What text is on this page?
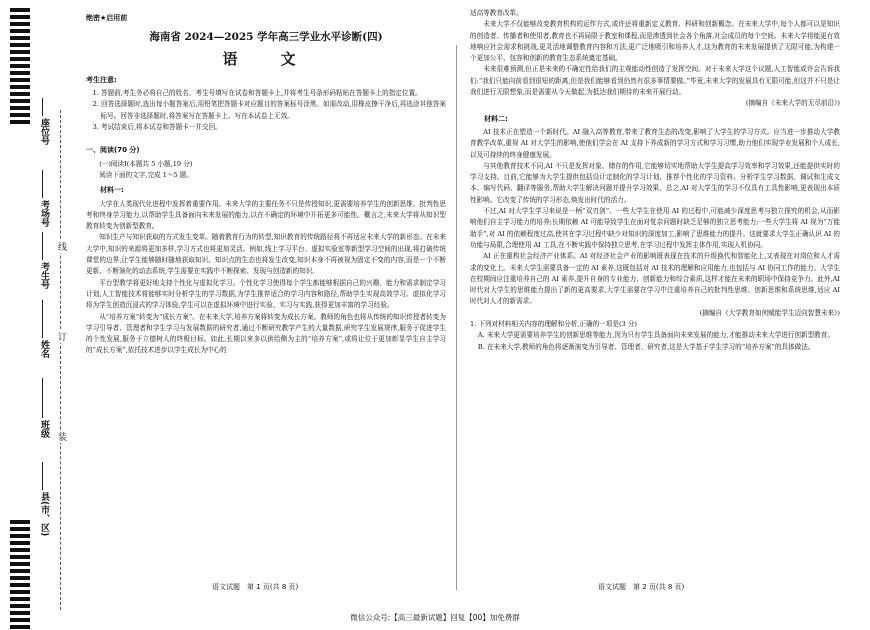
座位号
考场号
考生号
姓名
班级
县(市、区)
线
订
装
绝密★启用前
海南省 2024—2025 学年高三学业水平诊断(四)
语　文
考生注意:

1. 答题前,考生务必将自己的姓名、考生号填写在试卷和答题卡上,并将考生号条形码粘贴在答题卡上的指定位置。

2. 回答选择题时,选出每小题答案后,用铅笔把答题卡对应题目的答案标号涂黑。如需改动,用橡皮擦干净后,再选涂其他答案标号。回答非选择题时,将答案写在答题卡上。写在本试卷上无效。

3. 考试结束后,将本试卷和答题卡一并交回。

一、阅读(70 分)

(一)阅读Ⅰ(本题共 5 小题,19 分)

阅读下面的文字,完成 1～5 题。

材料一:

大学在人类现代化进程中发挥着重要作用。未来大学的主要任务不只是传授知识,更需要培养学生的创新思维、批判性思考和终身学习能力,以帮助学生具备面向未来发展的能力,以在不确定的环境中开拓更多可能性。概言之,未来大学将从知识型教育转变为创新型教育。

知识生产与知识获取的方式发生变革。随着教育行为的转型,知识教育的传统路径将不再适应未来大学的新形态。在未来大学中,知识的来源将更加多样,学习方式也将更加灵活。例如,线上学习平台、虚拟实验室等新型学习空间的出现,将打破传统课堂的边界,让学生能够随时随地获取知识。知识点的生态也将发生改变,知识本身不再被视为固定不变的内容,而是一个不断更新、不断演化的动态系统,学生需要在实践中不断探索、发现与创造新的知识。

平台型教学将更好地支持个性化与虚拟化学习。个性化学习使得每个学生都能够根据自己的兴趣、能力和需求制定学习计划,人工智能技术将能够实时分析学生的学习数据,为学生推荐适合的学习内容和路径,帮助学生实现高效学习。虚拟化学习将为学生创造沉浸式的学习体验,学生可以在虚拟环境中进行实验、实习与实践,获得更加丰富的学习经验。

从“培养方案”转变为“成长方案”。在未来大学,培养方案将转变为成长方案。教师的角色也将从传统的知识传授者转变为学习引导者、管理者和学生学习与发展数据的研究者,通过不断研究教学产生的大量数据,研究学生发展规律,服务于促进学生的个性发展,服务于立德树人的终极目标。如此,长期以来多以供给侧为主的“培养方案”,或将让位于更加彰显学生自主学习的“成长方案”,依托技术进步以学生成长为中心的

适高等教育改革。

未来大学不仅能够改变教育机构的运作方式,或许还将重新定义教育、科研和创新概念。在未来大学中,每个人都可以是知识的创造者、传播者和使用者,教育也不再局限于教室和课程,而是渗透到社会各个角落,社会成员的每个空间。未来大学将能更有效地响应社会需求和挑战,更灵活地调整教育内容和方法,更广泛地吸引和培养人才,这为教育的未来发展提供了无限可能,为构建一个更加公平、包容和创新的教育生态系统奠定基础。

未来很难预测,但正是未来的不确定性给我们的主观能动性创造了发挥空间。对于未来大学这个议题,人工智能或许会告诉我们:“我们只能向前看到很短的距离,但是我们能够看到仍然有很多事情要做。”毕竟,未来大学的发展具有无限可能,但这并不只是让我们进行无限想象,而是需要从今天做起,为抵达我们期待的未来开展行动。

(摘编自《未来大学的无尽前沿》)

材料二:

AI 技术正在塑造一个新时代。AI 融入高等教育,带来了教育生态的改变,影响了大学生的学习方式。应当进一步推动大学教育教学改革,重视 AI 对大学生的影响,使他们学会在 AI 支持下养成新的学习方式和学习习惯,助力他们实现学业发展和个人成长,以及可持续的终身健康发展。

与其他教育技术不同,AI 不只是发挥对象、储存的作用,它能够切实地帮助大学生提高学习效率和学习效果,还能提供实时的学习支持。目前,它能够为大学生提供包括设计定制化的学习计划、推荐个性化的学习资料、分析学生学习数据、调试和生成文本、编写代码、翻译等服务,帮助大学生解决问题并提升学习效果。总之,AI 对大学生的学习不仅具有工具性影响,更表现出本质性影响。它改变了传统的学习形态,焕发出时代的活力。

不过,AI 对大学生学习来说是一柄“双刃剑”。一些大学生在使用 AI 的过程中,可能减少深度思考与独立探究的机会,从而影响他们自主学习能力的培养;长期依赖 AI 可能导致学生在面对复杂问题时缺乏足够的独立思考能力;一些大学生将 AI 视为“万能助手”,对 AI 的依赖程度过高,使其在学习过程中缺少对知识的深度加工,影响了思维能力的提升。这就要求大学生正确认识 AI 的功能与局限,合理使用 AI 工具,在不断实践中保持独立思考,在学习过程中发挥主体作用,实现人机协同。

AI 正在重构社会经济产业体系。AI 对经济社会产业的影响既表现在技术的升级换代和智能化上,又表现在对岗位和人才需求的变化上。未来大学生需要具备一定的 AI 素养,这既包括对 AI 技术的理解和应用能力,也包括与 AI 协同工作的能力。大学生在校期间应注重培养自己的 AI 素养,提升自身的专业能力、创新能力和综合素质,这样才能在未来的职场中保持竞争力。此外,AI 时代对大学生的思维能力提出了新的更高要求,大学生需要在学习中注重培养自己的批判性思维、创新思维和系统思维,适应 AI 时代对人才的新需求。

(摘编自《大学教育如何赋能学生迈向智慧未来》)

1. 下列对材料相关内容的理解和分析,正确的一项是(3 分)

A. 未来大学更需要培养学生的创新思维等能力,因为只有学生具备面向未来发展的能力,才能推动未来大学进行创新型教育。

B. 在未来大学,教师的角色将逐渐演变为引导者、管理者、研究者,这是大学基于学生学习的“培养方案”的具体做法。

语文试题　第 1 页(共 8 页)	语文试题　第 2 页(共 8 页)
微信公众号:【高三最新试题】回复【00】加免费群
